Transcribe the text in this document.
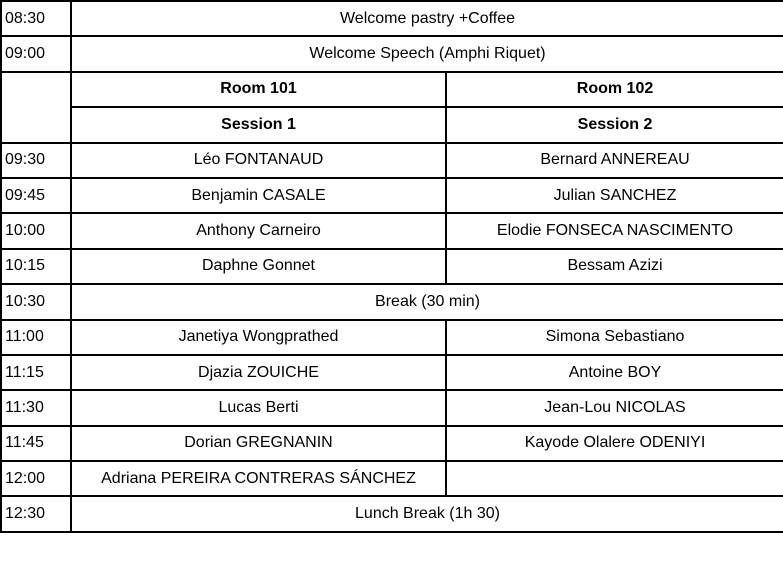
08:30	Welcome pastry +Coffee	
09:00	Welcome Speech (Amphi Riquet)	
	Room 101	Room 102
	Session 1	Session 2
09:30	Léo FONTANAUD	Bernard ANNEREAU
09:45	Benjamin CASALE	Julian SANCHEZ
10:00	Anthony Carneiro	Elodie FONSECA NASCIMENTO
10:15	Daphne Gonnet	Bessam Azizi
10:30	Break (30 min)	
11:00	Janetiya Wongprathed	Simona Sebastiano
11:15	Djazia ZOUICHE	Antoine BOY
11:30	Lucas Berti	Jean-Lou NICOLAS
11:45	Dorian GREGNANIN	Kayode Olalere ODENIYI
12:00	Adriana PEREIRA CONTRERAS SÁNCHEZ	
12:30	Lunch Break (1h 30)	
